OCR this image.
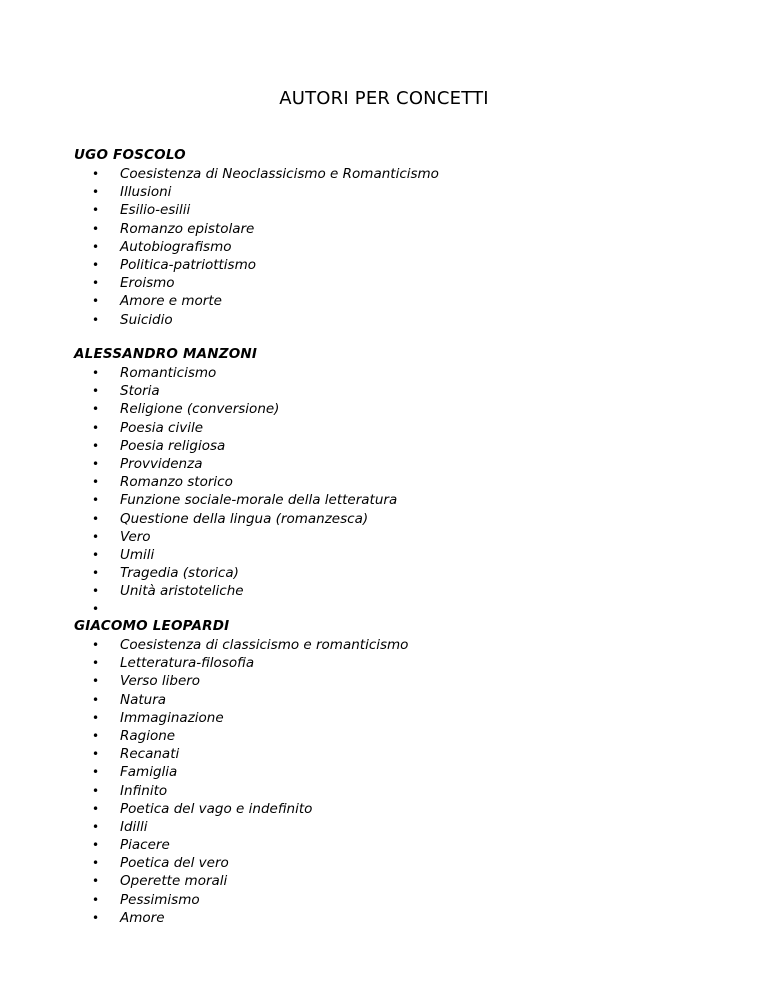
AUTORI PER CONCETTI
UGO FOSCOLO
• Coesistenza di Neoclassicismo e Romanticismo
• Illusioni
• Esilio-esilii
• Romanzo epistolare
• Autobiografismo
• Politica-patriottismo
• Eroismo
• Amore e morte
• Suicidio
ALESSANDRO MANZONI
• Romanticismo
• Storia
• Religione (conversione)
• Poesia civile
• Poesia religiosa
• Provvidenza
• Romanzo storico
• Funzione sociale-morale della letteratura
• Questione della lingua (romanzesca)
• Vero
• Umili
• Tragedia (storica)
• Unità aristoteliche
•
GIACOMO LEOPARDI
• Coesistenza di classicismo e romanticismo
• Letteratura-filosofia
• Verso libero
• Natura
• Immaginazione
• Ragione
• Recanati
• Famiglia
• Infinito
• Poetica del vago e indefinito
• Idilli
• Piacere
• Poetica del vero
• Operette morali
• Pessimismo
• Amore
